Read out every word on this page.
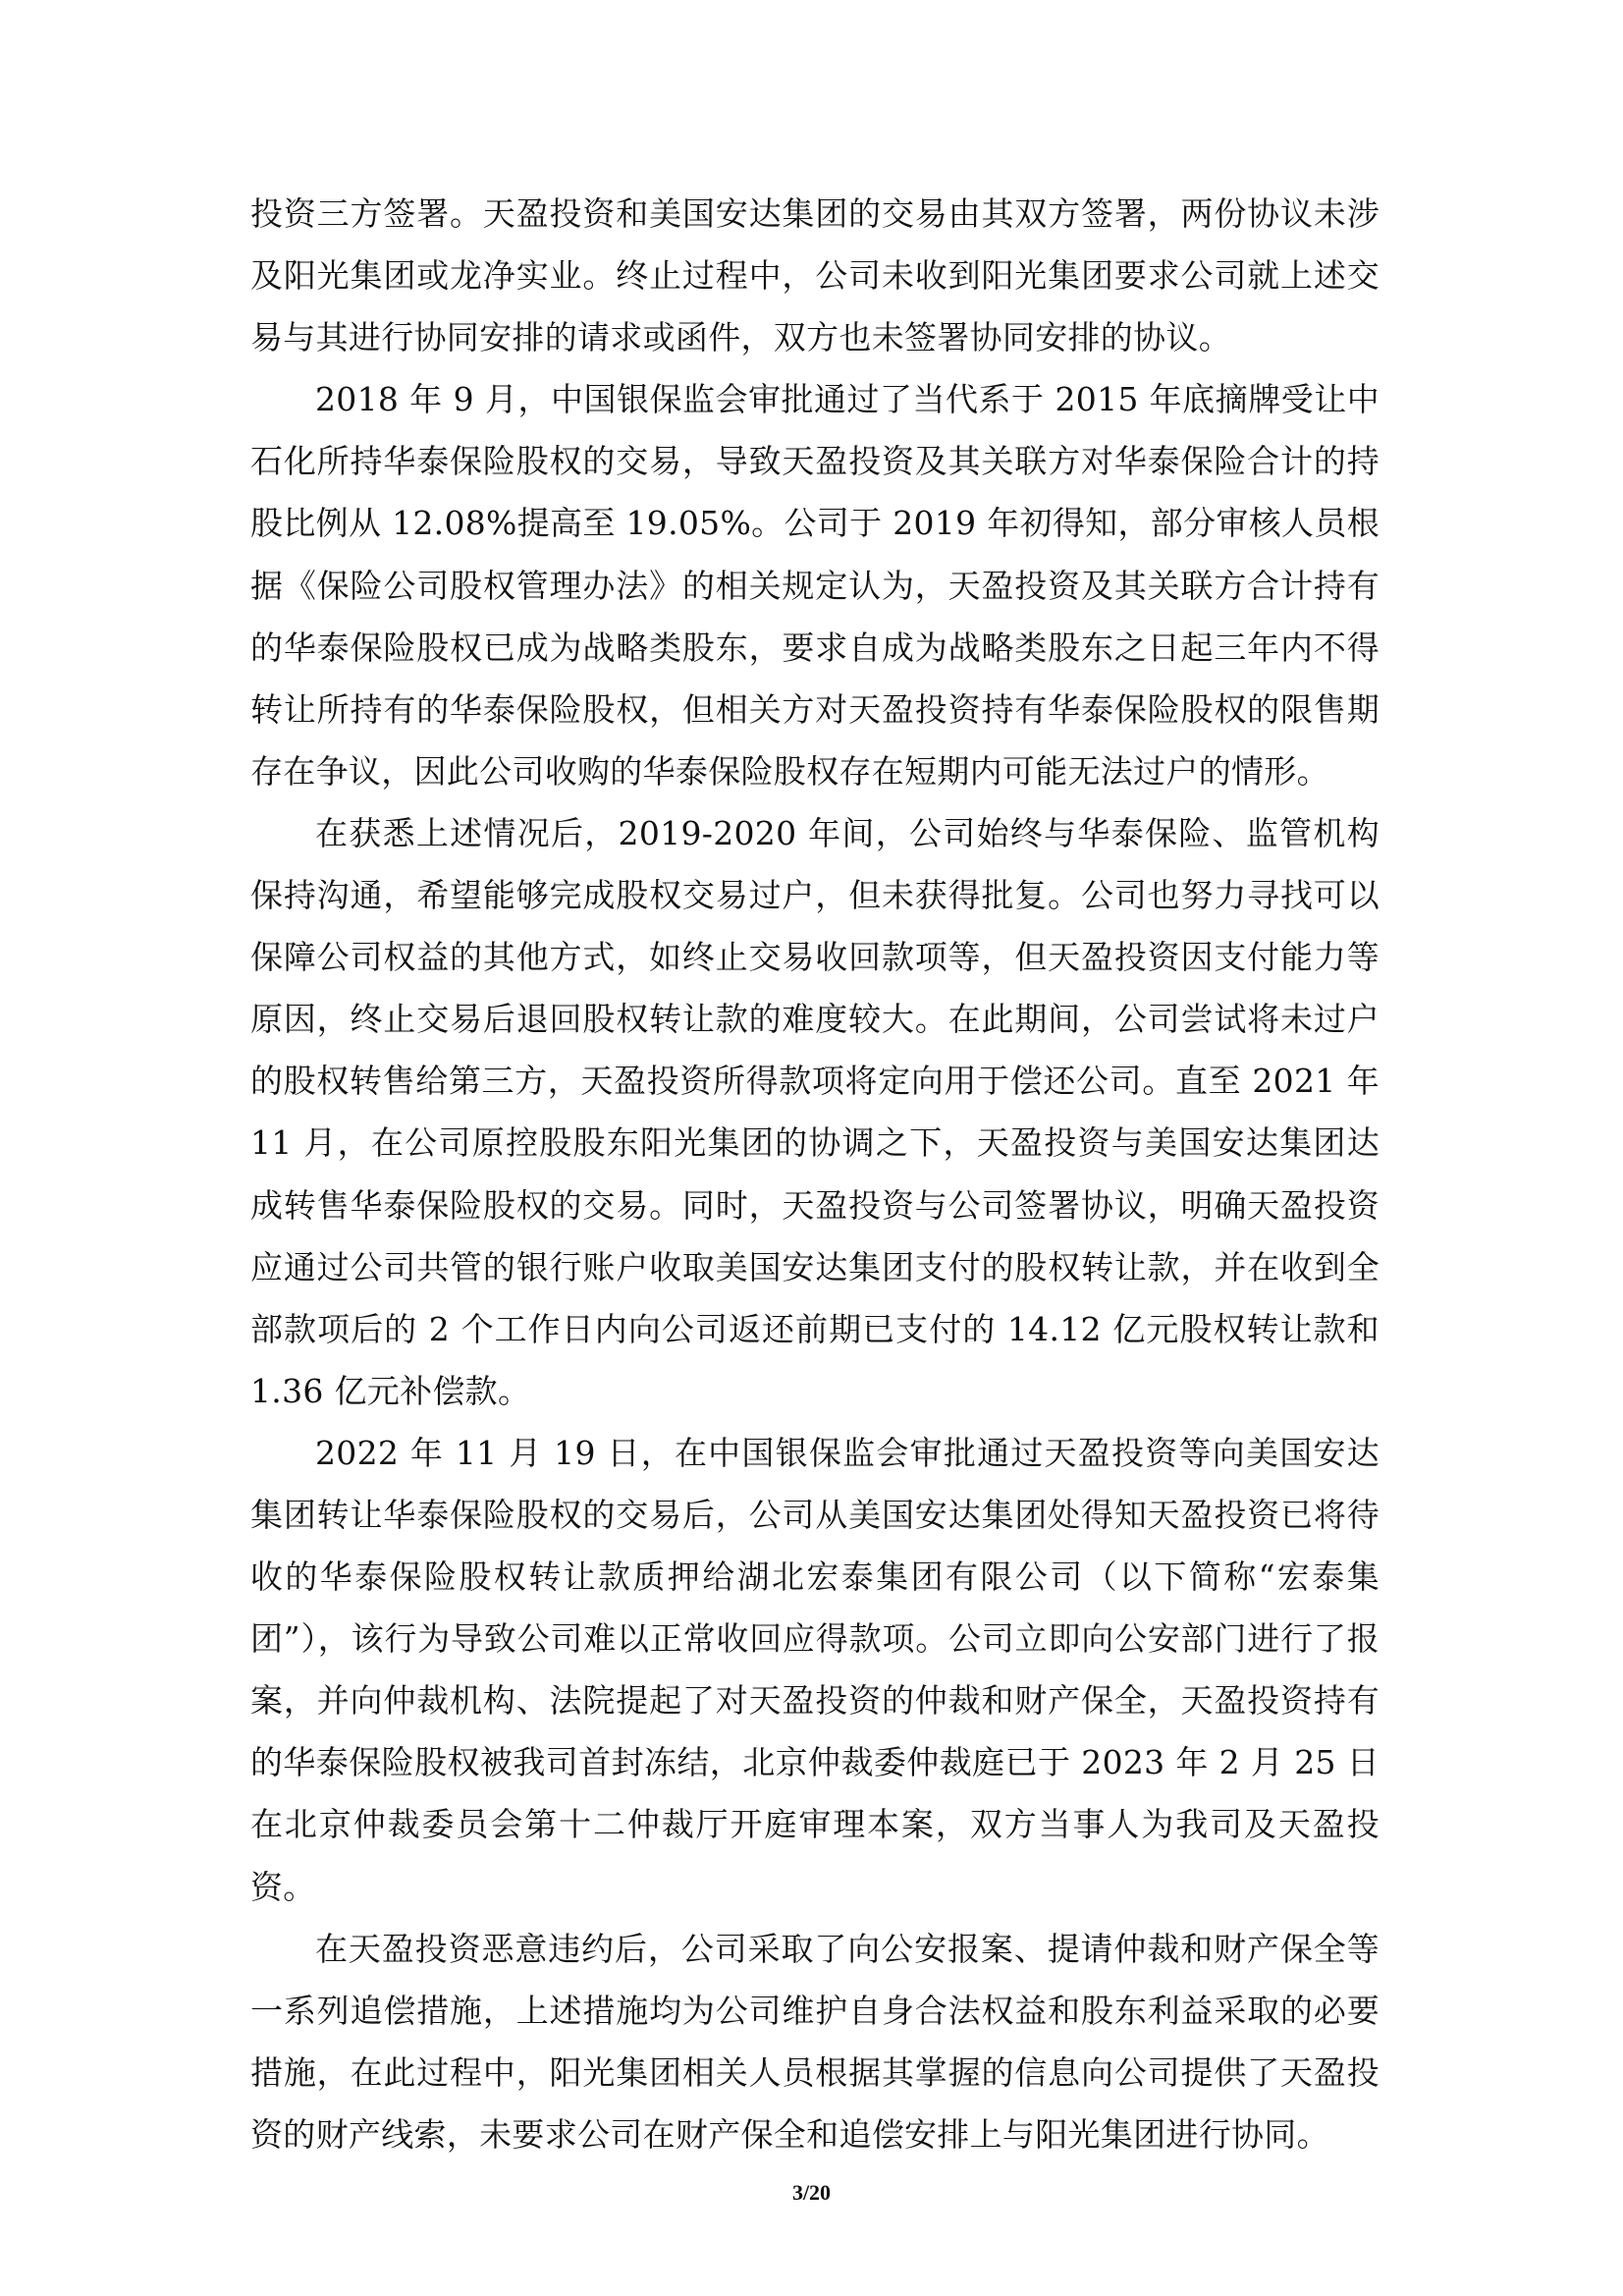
投资三方签署。天盈投资和美国安达集团的交易由其双方签署，两份协议未涉及阳光集团或龙净实业。终止过程中，公司未收到阳光集团要求公司就上述交易与其进行协同安排的请求或函件，双方也未签署协同安排的协议。

2018 年 9 月，中国银保监会审批通过了当代系于 2015 年底摘牌受让中石化所持华泰保险股权的交易，导致天盈投资及其关联方对华泰保险合计的持股比例从 12.08%提高至 19.05%。公司于 2019 年初得知，部分审核人员根据《保险公司股权管理办法》的相关规定认为，天盈投资及其关联方合计持有的华泰保险股权已成为战略类股东，要求自成为战略类股东之日起三年内不得转让所持有的华泰保险股权，但相关方对天盈投资持有华泰保险股权的限售期存在争议，因此公司收购的华泰保险股权存在短期内可能无法过户的情形。

在获悉上述情况后，2019-2020 年间，公司始终与华泰保险、监管机构保持沟通，希望能够完成股权交易过户，但未获得批复。公司也努力寻找可以保障公司权益的其他方式，如终止交易收回款项等，但天盈投资因支付能力等原因，终止交易后退回股权转让款的难度较大。在此期间，公司尝试将未过户的股权转售给第三方，天盈投资所得款项将定向用于偿还公司。直至 2021 年 11 月，在公司原控股股东阳光集团的协调之下，天盈投资与美国安达集团达成转售华泰保险股权的交易。同时，天盈投资与公司签署协议，明确天盈投资应通过公司共管的银行账户收取美国安达集团支付的股权转让款，并在收到全部款项后的 2 个工作日内向公司返还前期已支付的 14.12 亿元股权转让款和 1.36 亿元补偿款。

2022 年 11 月 19 日，在中国银保监会审批通过天盈投资等向美国安达集团转让华泰保险股权的交易后，公司从美国安达集团处得知天盈投资已将待收的华泰保险股权转让款质押给湖北宏泰集团有限公司（以下简称“宏泰集团”），该行为导致公司难以正常收回应得款项。公司立即向公安部门进行了报案，并向仲裁机构、法院提起了对天盈投资的仲裁和财产保全，天盈投资持有的华泰保险股权被我司首封冻结，北京仲裁委仲裁庭已于 2023 年 2 月 25 日在北京仲裁委员会第十二仲裁厅开庭审理本案，双方当事人为我司及天盈投资。

在天盈投资恶意违约后，公司采取了向公安报案、提请仲裁和财产保全等一系列追偿措施，上述措施均为公司维护自身合法权益和股东利益采取的必要措施，在此过程中，阳光集团相关人员根据其掌握的信息向公司提供了天盈投资的财产线索，未要求公司在财产保全和追偿安排上与阳光集团进行协同。

3/20
